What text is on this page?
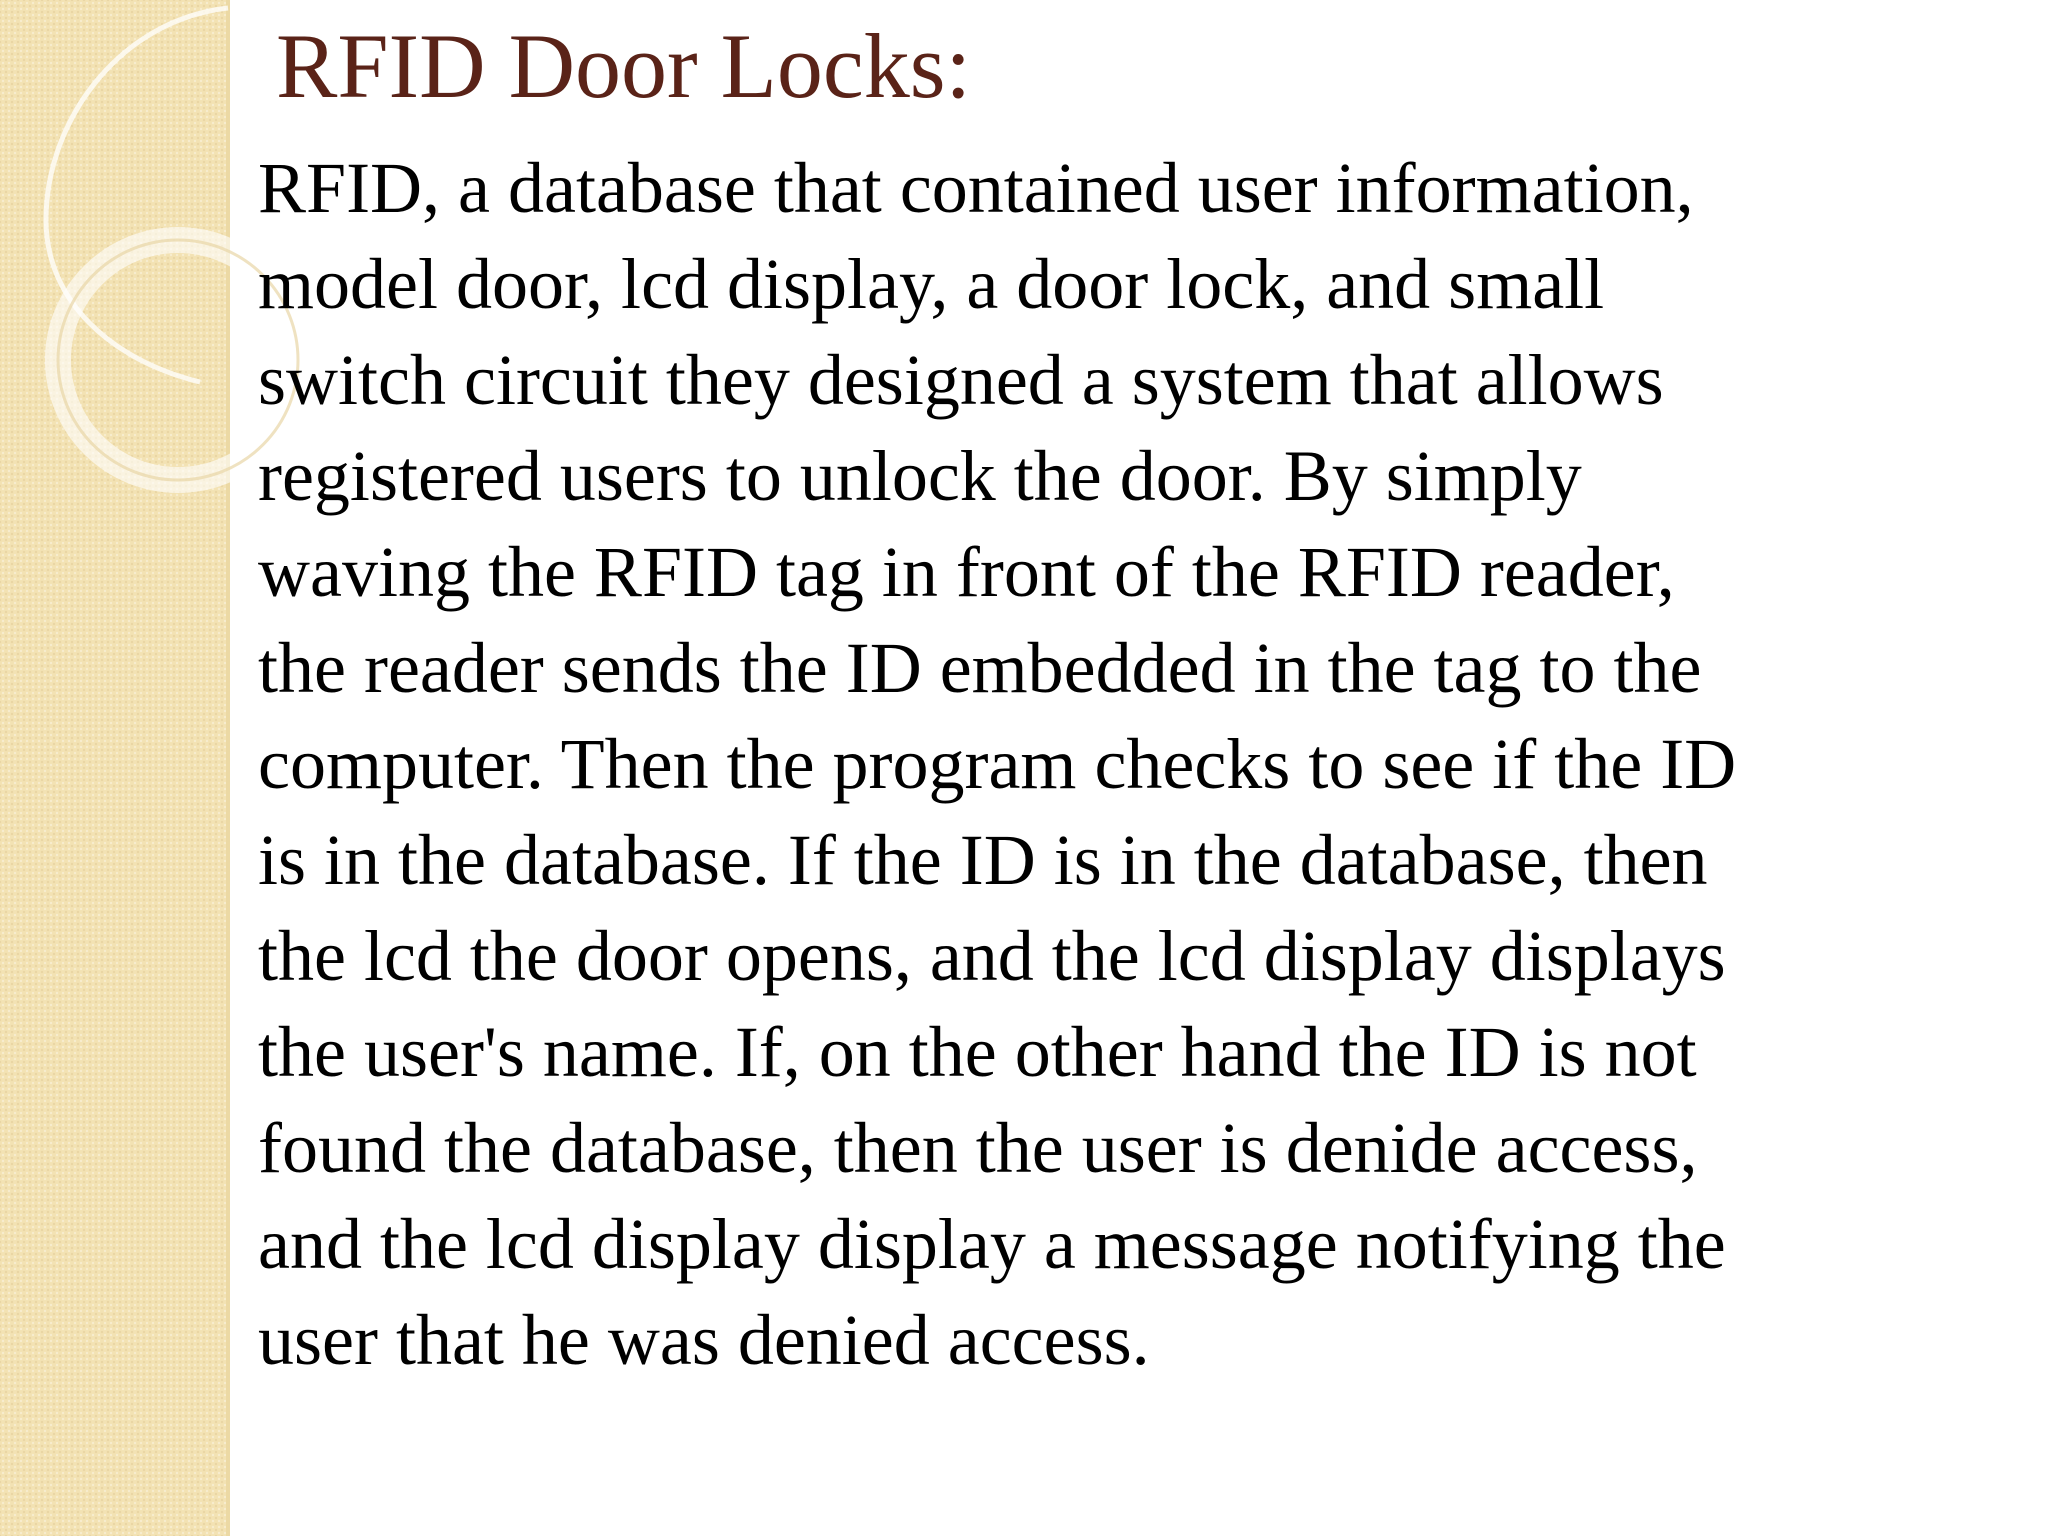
RFID Door Locks:
RFID, a database that contained user information,
model door, lcd display, a door lock, and small
switch circuit they designed a system that allows
registered users to unlock the door. By simply
waving the RFID tag in front of the RFID reader,
the reader sends the ID embedded in the tag to the
computer. Then the program checks to see if the ID
is in the database. If the ID is in the database, then
the lcd the door opens, and the lcd display displays
the user's name. If, on the other hand the ID is not
found the database, then the user is denide access,
and the lcd display display a message notifying the
user that he was denied access.
